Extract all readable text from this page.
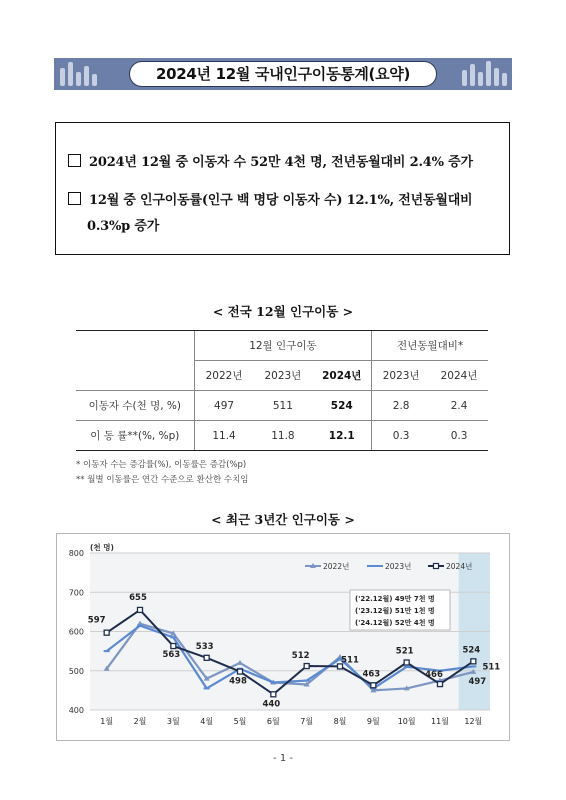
2024년 12월 국내인구이동통계(요약)
2024년 12월 중 이동자 수 52만 4천 명, 전년동월대비 2.4% 증가
12월 중 인구이동률(인구 백 명당 이동자 수) 12.1%, 전년동월대비
0.3%p 증가
< 전국 12월 인구이동 >
	12월 인구이동			전년동월대비*	
	2022년	2023년	2024년	2023년	2024년
이동자 수(천 명, %)	497	511	524	2.8	2.4
이 동 률**(%, %p)	11.4	11.8	12.1	0.3	0.3
* 이동자 수는 증감률(%), 이동률은 증감(%p)
** 월별 이동률은 연간 수준으로 환산한 수치임
< 최근 3년간 인구이동 >
400
500
600
700
800
(천 명)
1월	2월	3월	4월	5월	6월	7월	8월	9월 10월 11월 12월
2022년	2023년	2024년
('22.12월) 49만 7천 명
('23.12월) 51만 1천 명
('24.12월) 52만 4천 명
597
655
563
533
498
440
512	511
463
521
466
524
511
497
- 1 -
